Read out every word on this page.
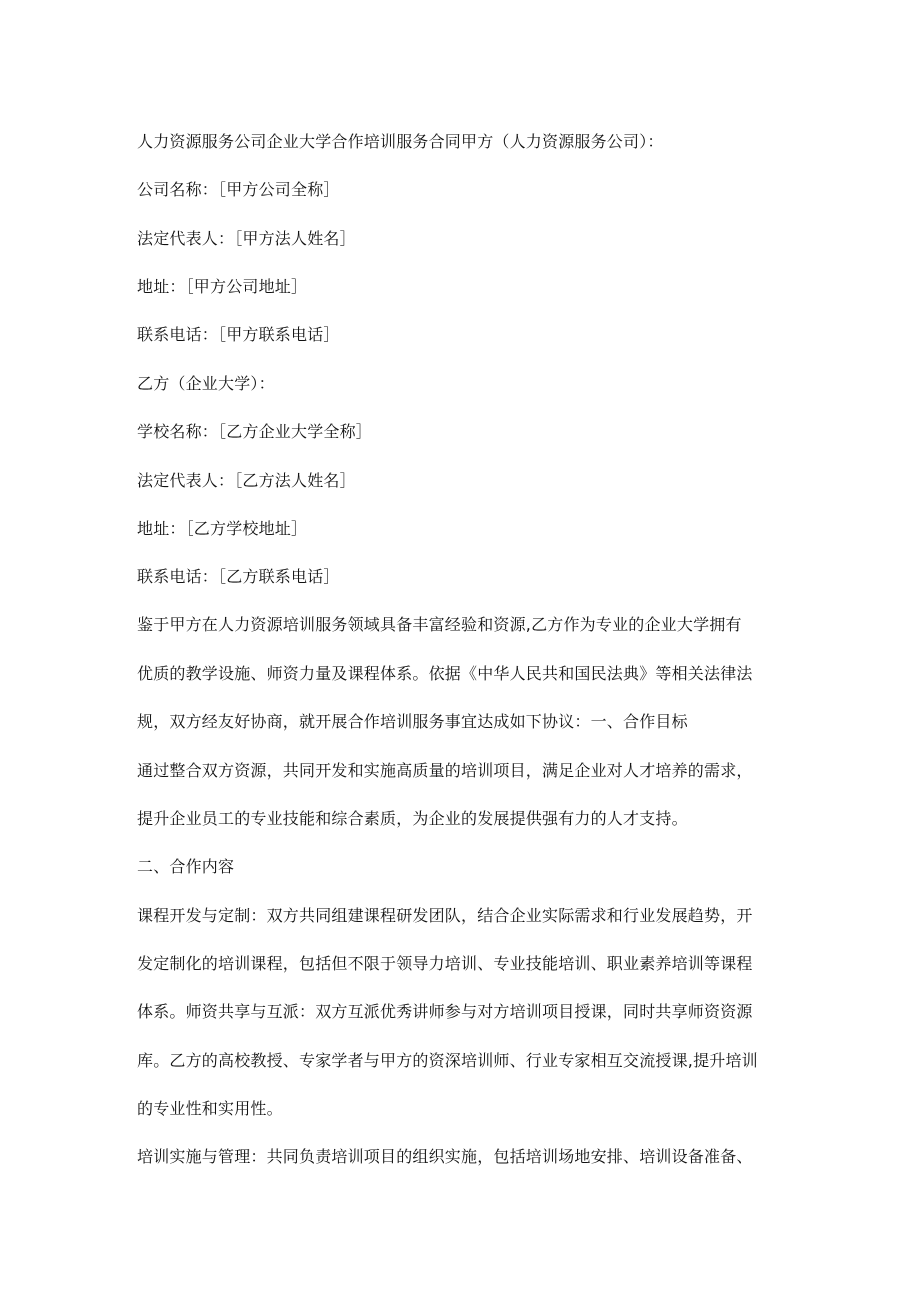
人力资源服务公司企业大学合作培训服务合同甲方（人力资源服务公司）：
公司名称：［甲方公司全称］
法定代表人：［甲方法人姓名］
地址：［甲方公司地址］
联系电话：［甲方联系电话］
乙方（企业大学）：
学校名称：［乙方企业大学全称］
法定代表人：［乙方法人姓名］
地址：［乙方学校地址］
联系电话：［乙方联系电话］
鉴于甲方在人力资源培训服务领域具备丰富经验和资源,乙方作为专业的企业大学拥有
优质的教学设施、师资力量及课程体系。依据《中华人民共和国民法典》等相关法律法
规，双方经友好协商，就开展合作培训服务事宜达成如下协议：一、合作目标
通过整合双方资源，共同开发和实施高质量的培训项目，满足企业对人才培养的需求，
提升企业员工的专业技能和综合素质，为企业的发展提供强有力的人才支持。
二、合作内容
课程开发与定制：双方共同组建课程研发团队，结合企业实际需求和行业发展趋势，开
发定制化的培训课程，包括但不限于领导力培训、专业技能培训、职业素养培训等课程
体系。师资共享与互派：双方互派优秀讲师参与对方培训项目授课，同时共享师资资源
库。乙方的高校教授、专家学者与甲方的资深培训师、行业专家相互交流授课,提升培训
的专业性和实用性。
培训实施与管理：共同负责培训项目的组织实施，包括培训场地安排、培训设备准备、
